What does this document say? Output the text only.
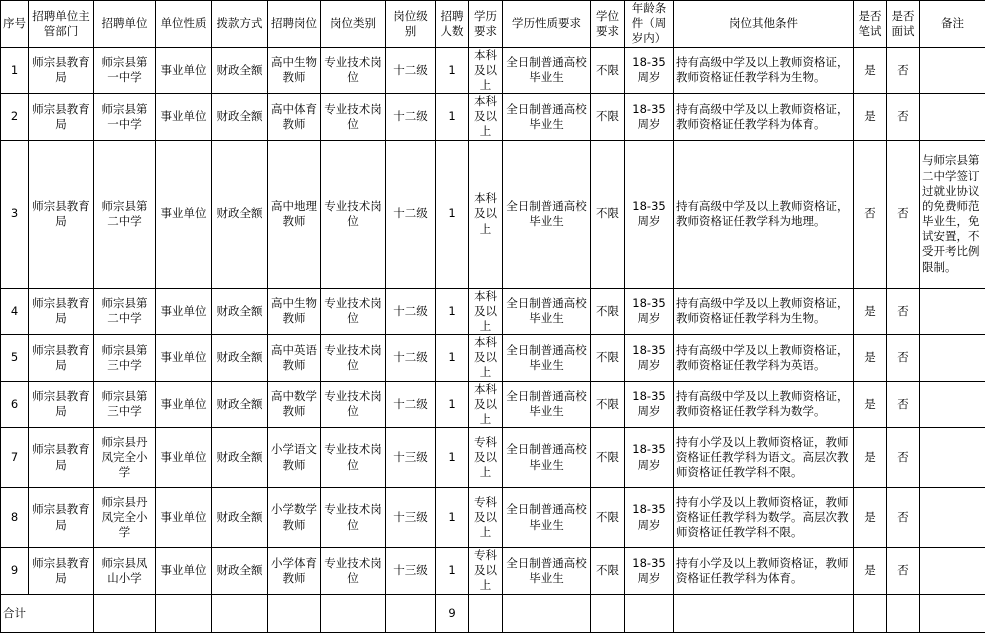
序号	招聘单位主管部门	招聘单位	单位性质	拨款方式	招聘岗位	岗位类别	岗位级别	招聘人数	学历要求	学历性质要求	学位要求	年龄条件（周岁内）	岗位其他条件	是否笔试	是否面试	备注
1	师宗县教育局	师宗县第一中学	事业单位	财政全额	高中生物教师	专业技术岗位	十二级	1	本科及以上	全日制普通高校毕业生	不限	18-35周岁	持有高级中学及以上教师资格证，教师资格证任教学科为生物。	是	否	
2	师宗县教育局	师宗县第一中学	事业单位	财政全额	高中体育教师	专业技术岗位	十二级	1	本科及以上	全日制普通高校毕业生	不限	18-35周岁	持有高级中学及以上教师资格证，教师资格证任教学科为体育。	是	否	
3	师宗县教育局	师宗县第二中学	事业单位	财政全额	高中地理教师	专业技术岗位	十二级	1	本科及以上	全日制普通高校毕业生	不限	18-35周岁	持有高级中学及以上教师资格证，教师资格证任教学科为地理。	否	否	与师宗县第二中学签订过就业协议的免费师范毕业生，免试安置，不受开考比例限制。
4	师宗县教育局	师宗县第二中学	事业单位	财政全额	高中生物教师	专业技术岗位	十二级	1	本科及以上	全日制普通高校毕业生	不限	18-35周岁	持有高级中学及以上教师资格证，教师资格证任教学科为生物。	是	否	
5	师宗县教育局	师宗县第三中学	事业单位	财政全额	高中英语教师	专业技术岗位	十二级	1	本科及以上	全日制普通高校毕业生	不限	18-35周岁	持有高级中学及以上教师资格证，教师资格证任教学科为英语。	是	否	
6	师宗县教育局	师宗县第三中学	事业单位	财政全额	高中数学教师	专业技术岗位	十二级	1	本科及以上	全日制普通高校毕业生	不限	18-35周岁	持有高级中学及以上教师资格证，教师资格证任教学科为数学。	是	否	
7	师宗县教育局	师宗县丹凤完全小学	事业单位	财政全额	小学语文教师	专业技术岗位	十三级	1	专科及以上	全日制普通高校毕业生	不限	18-35周岁	持有小学及以上教师资格证，教师资格证任教学科为语文。高层次教师资格证任教学科不限。	是	否	
8	师宗县教育局	师宗县丹凤完全小学	事业单位	财政全额	小学数学教师	专业技术岗位	十三级	1	专科及以上	全日制普通高校毕业生	不限	18-35周岁	持有小学及以上教师资格证，教师资格证任教学科为数学。高层次教师资格证任教学科不限。	是	否	
9	师宗县教育局	师宗县凤山小学	事业单位	财政全额	小学体育教师	专业技术岗位	十三级	1	专科及以上	全日制普通高校毕业生	不限	18-35周岁	持有小学及以上教师资格证，教师资格证任教学科为体育。	是	否	
合计								9								
